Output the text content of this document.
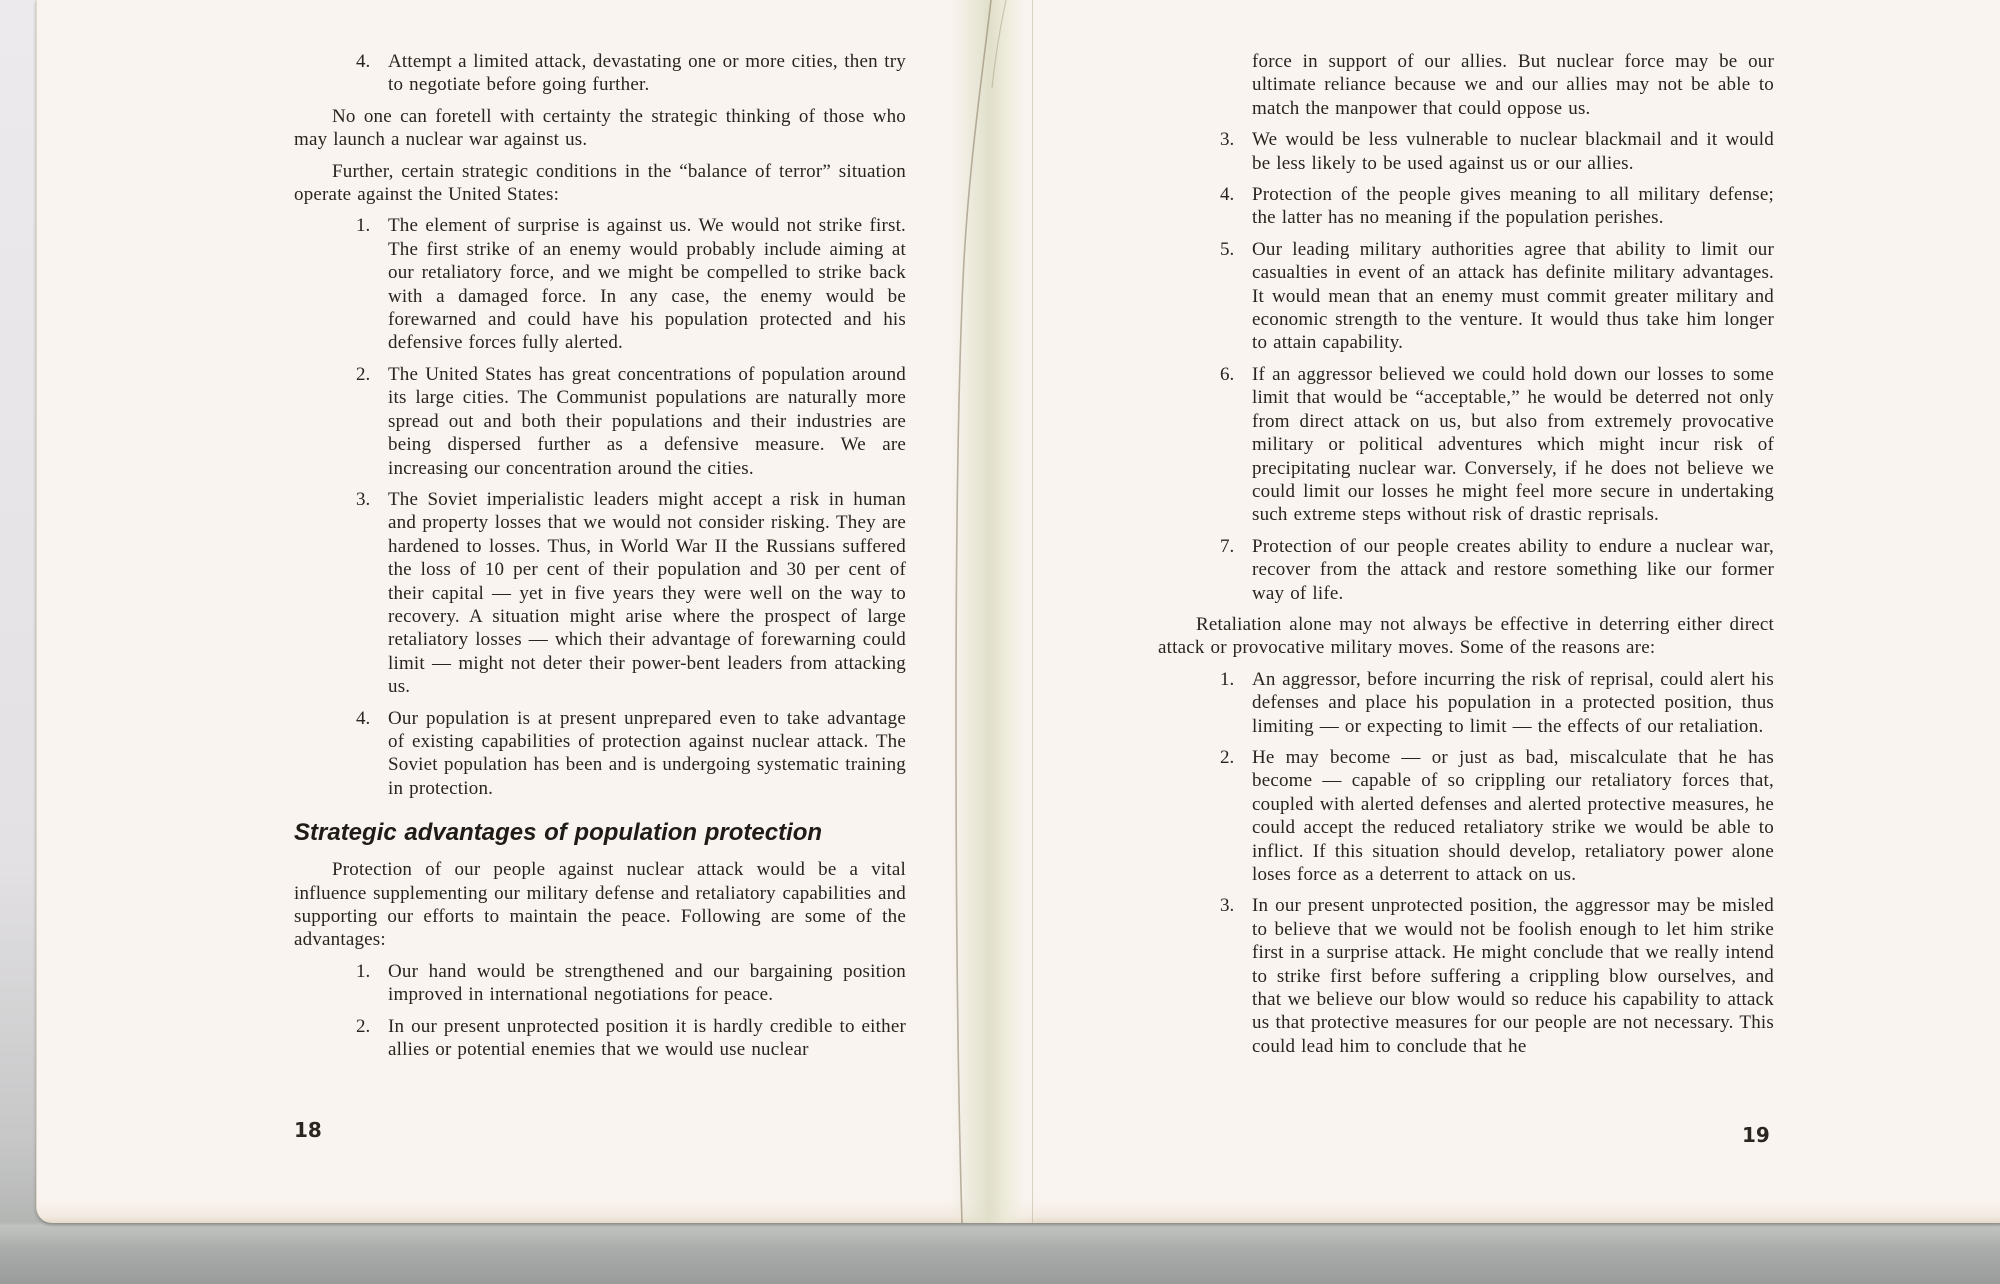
4. Attempt a limited attack, devastating one or more cities, then try to negotiate before going further.
No one can foretell with certainty the strategic thinking of those who may launch a nuclear war against us.
Further, certain strategic conditions in the “balance of terror” situation operate against the United States:
1. The element of surprise is against us. We would not strike first. The first strike of an enemy would probably include aiming at our retaliatory force, and we might be compelled to strike back with a damaged force. In any case, the enemy would be forewarned and could have his population protected and his defensive forces fully alerted.
2. The United States has great concentrations of population around its large cities. The Communist populations are naturally more spread out and both their populations and their industries are being dispersed further as a defensive measure. We are increasing our concentration around the cities.
3. The Soviet imperialistic leaders might accept a risk in human and property losses that we would not consider risking. They are hardened to losses. Thus, in World War II the Russians suffered the loss of 10 per cent of their population and 30 per cent of their capital — yet in five years they were well on the way to recovery. A situation might arise where the prospect of large retaliatory losses — which their advantage of forewarning could limit — might not deter their power-bent leaders from attacking us.
4. Our population is at present unprepared even to take advantage of existing capabilities of protection against nuclear attack. The Soviet population has been and is undergoing systematic training in protection.
Strategic advantages of population protection
Protection of our people against nuclear attack would be a vital influence supplementing our military defense and retaliatory capabilities and supporting our efforts to maintain the peace. Following are some of the advantages:
1. Our hand would be strengthened and our bargaining position improved in international negotiations for peace.
2. In our present unprotected position it is hardly credible to either allies or potential enemies that we would use nuclear
18
force in support of our allies. But nuclear force may be our ultimate reliance because we and our allies may not be able to match the manpower that could oppose us.
3. We would be less vulnerable to nuclear blackmail and it would be less likely to be used against us or our allies.
4. Protection of the people gives meaning to all military defense; the latter has no meaning if the population perishes.
5. Our leading military authorities agree that ability to limit our casualties in event of an attack has definite military advantages. It would mean that an enemy must commit greater military and economic strength to the venture. It would thus take him longer to attain capability.
6. If an aggressor believed we could hold down our losses to some limit that would be “acceptable,” he would be deterred not only from direct attack on us, but also from extremely provocative military or political adventures which might incur risk of precipitating nuclear war. Conversely, if he does not believe we could limit our losses he might feel more secure in undertaking such extreme steps without risk of drastic reprisals.
7. Protection of our people creates ability to endure a nuclear war, recover from the attack and restore something like our former way of life.
Retaliation alone may not always be effective in deterring either direct attack or provocative military moves. Some of the reasons are:
1. An aggressor, before incurring the risk of reprisal, could alert his defenses and place his population in a protected position, thus limiting — or expecting to limit — the effects of our retaliation.
2. He may become — or just as bad, miscalculate that he has become — capable of so crippling our retaliatory forces that, coupled with alerted defenses and alerted protective measures, he could accept the reduced retaliatory strike we would be able to inflict. If this situation should develop, retaliatory power alone loses force as a deterrent to attack on us.
3. In our present unprotected position, the aggressor may be misled to believe that we would not be foolish enough to let him strike first in a surprise attack. He might conclude that we really intend to strike first before suffering a crippling blow ourselves, and that we believe our blow would so reduce his capability to attack us that protective measures for our people are not necessary. This could lead him to conclude that he
19
